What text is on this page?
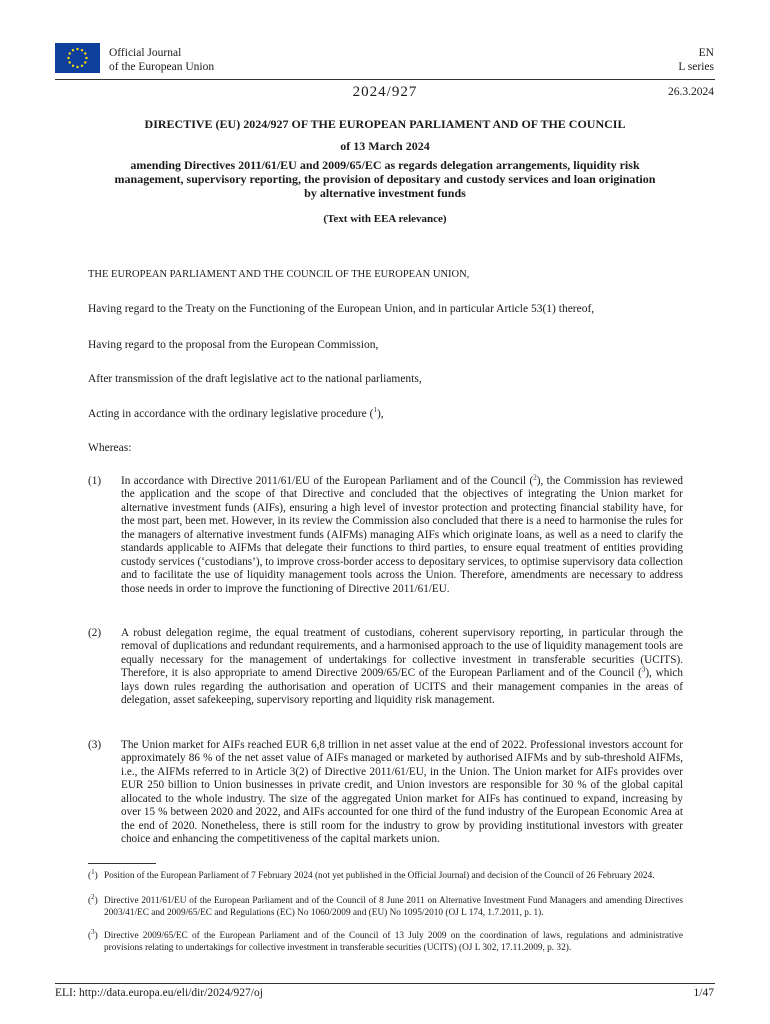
Official Journal
of the European Union
EN
L series
2024/927	26.3.2024
DIRECTIVE (EU) 2024/927 OF THE EUROPEAN PARLIAMENT AND OF THE COUNCIL
of 13 March 2024
amending Directives 2011/61/EU and 2009/65/EC as regards delegation arrangements, liquidity risk management, supervisory reporting, the provision of depositary and custody services and loan origination by alternative investment funds
(Text with EEA relevance)
THE EUROPEAN PARLIAMENT AND THE COUNCIL OF THE EUROPEAN UNION,
Having regard to the Treaty on the Functioning of the European Union, and in particular Article 53(1) thereof,
Having regard to the proposal from the European Commission,
After transmission of the draft legislative act to the national parliaments,
Acting in accordance with the ordinary legislative procedure ($^1$),
Whereas:
(1) In accordance with Directive 2011/61/EU of the European Parliament and of the Council ($^2$), the Commission has reviewed the application and the scope of that Directive and concluded that the objectives of integrating the Union market for alternative investment funds (AIFs), ensuring a high level of investor protection and protecting financial stability have, for the most part, been met. However, in its review the Commission also concluded that there is a need to harmonise the rules for the managers of alternative investment funds (AIFMs) managing AIFs which originate loans, as well as a need to clarify the standards applicable to AIFMs that delegate their functions to third parties, to ensure equal treatment of entities providing custody services (‘custodians’), to improve cross-border access to depositary services, to optimise supervisory data collection and to facilitate the use of liquidity management tools across the Union. Therefore, amendments are necessary to address those needs in order to improve the functioning of Directive 2011/61/EU.
(2) A robust delegation regime, the equal treatment of custodians, coherent supervisory reporting, in particular through the removal of duplications and redundant requirements, and a harmonised approach to the use of liquidity management tools are equally necessary for the management of undertakings for collective investment in transferable securities (UCITS). Therefore, it is also appropriate to amend Directive 2009/65/EC of the European Parliament and of the Council ($^3$), which lays down rules regarding the authorisation and operation of UCITS and their management companies in the areas of delegation, asset safekeeping, supervisory reporting and liquidity risk management.
(3) The Union market for AIFs reached EUR 6,8 trillion in net asset value at the end of 2022. Professional investors account for approximately 86 % of the net asset value of AIFs managed or marketed by authorised AIFMs and by sub-threshold AIFMs, i.e., the AIFMs referred to in Article 3(2) of Directive 2011/61/EU, in the Union. The Union market for AIFs provides over EUR 250 billion to Union businesses in private credit, and Union investors are responsible for 30 % of the global capital allocated to the whole industry. The size of the aggregated Union market for AIFs has continued to expand, increasing by over 15 % between 2020 and 2022, and AIFs accounted for one third of the fund industry of the European Economic Area at the end of 2020. Nonetheless, there is still room for the industry to grow by providing institutional investors with greater choice and enhancing the competitiveness of the capital markets union.
($^1$) Position of the European Parliament of 7 February 2024 (not yet published in the Official Journal) and decision of the Council of 26 February 2024.
($^2$) Directive 2011/61/EU of the European Parliament and of the Council of 8 June 2011 on Alternative Investment Fund Managers and amending Directives 2003/41/EC and 2009/65/EC and Regulations (EC) No 1060/2009 and (EU) No 1095/2010 (OJ L 174, 1.7.2011, p. 1).
($^3$) Directive 2009/65/EC of the European Parliament and of the Council of 13 July 2009 on the coordination of laws, regulations and administrative provisions relating to undertakings for collective investment in transferable securities (UCITS) (OJ L 302, 17.11.2009, p. 32).
ELI: http://data.europa.eu/eli/dir/2024/927/oj	1/47
